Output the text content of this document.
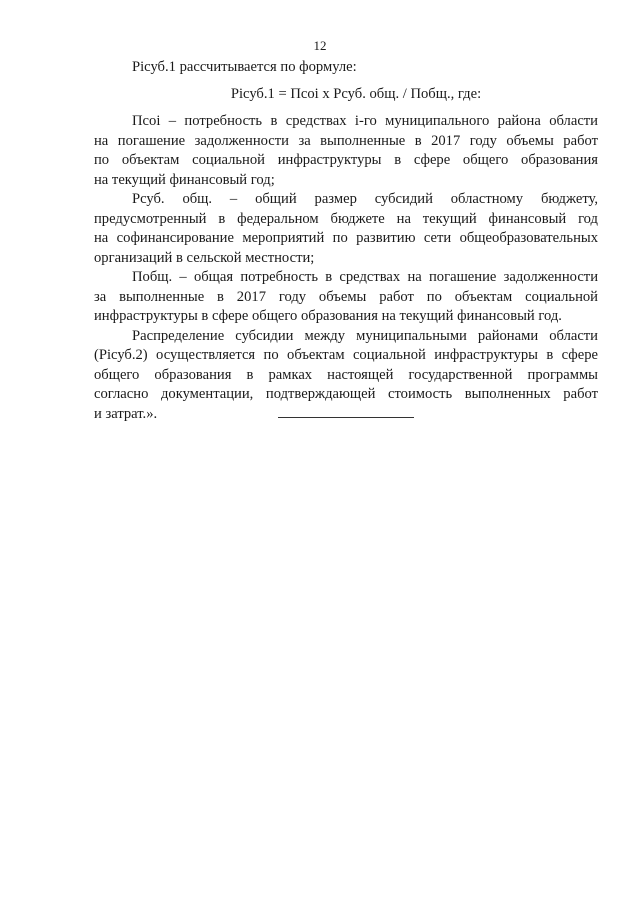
12
Рісуб.1 рассчитывается по формуле:
Рісуб.1 = Псоі х Рсуб. общ. / Побщ., где:
Псоі – потребность в средствах і-го муниципального района области
на погашение задолженности за выполненные в 2017 году объемы работ
по объектам социальной инфраструктуры в сфере общего образования
на текущий финансовый год;
Рсуб. общ. – общий размер субсидий областному бюджету,
предусмотренный в федеральном бюджете на текущий финансовый год
на софинансирование мероприятий по развитию сети общеобразовательных
организаций в сельской местности;
Побщ. – общая потребность в средствах на погашение задолженности
за выполненные в 2017 году объемы работ по объектам социальной
инфраструктуры в сфере общего образования на текущий финансовый год.
Распределение субсидии между муниципальными районами области
(Рісуб.2) осуществляется по объектам социальной инфраструктуры в сфере
общего образования в рамках настоящей государственной программы
согласно документации, подтверждающей стоимость выполненных работ
и затрат.».
